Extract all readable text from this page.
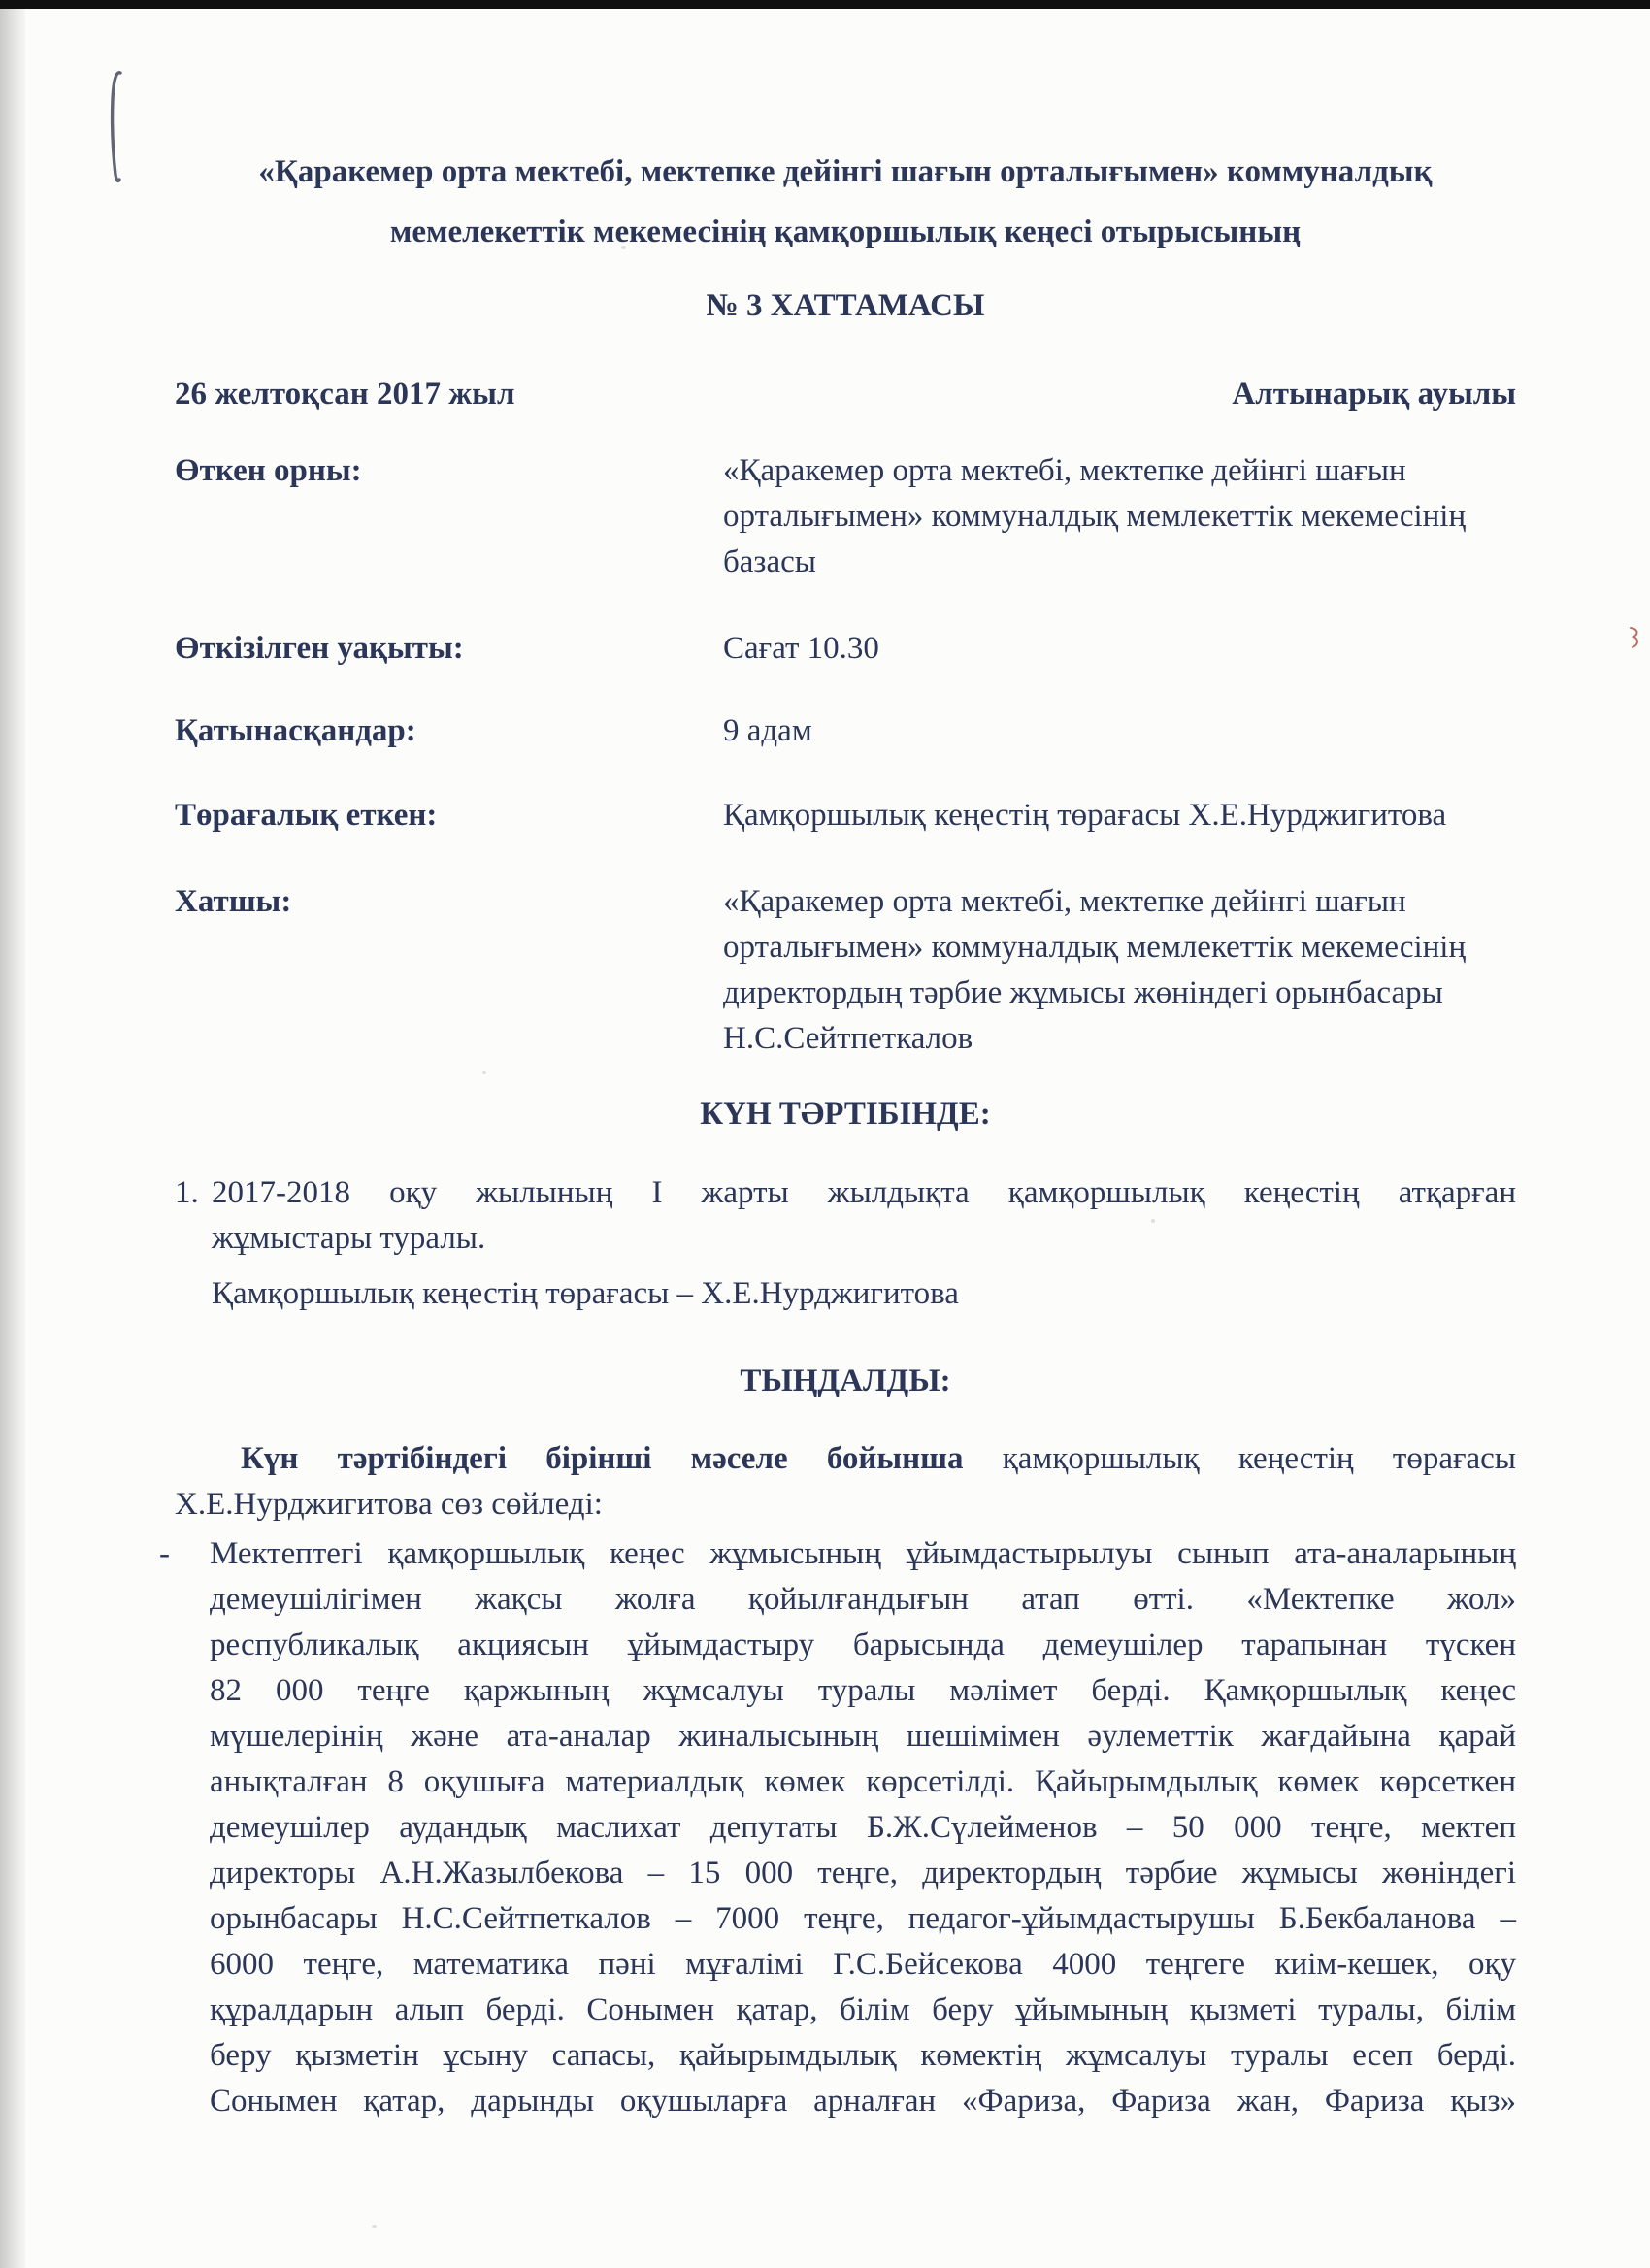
«Қаракемер орта мектебі, мектепке дейінгі шағын орталығымен» коммуналдық
мемелекеттік мекемесінің қамқоршылық кеңесі отырысының
№ 3 ХАТТАМАСЫ
26 желтоқсан 2017 жыл	Алтынарық ауылы
Өткен орны:	«Қаракемер орта мектебі, мектепке дейінгі шағын орталығымен» коммуналдық мемлекеттік мекемесінің базасы
Өткізілген уақыты:	Сағат 10.30
Қатынасқандар:	9 адам
Төрағалық еткен:	Қамқоршылық кеңестің төрағасы Х.Е.Нурджигитова
Хатшы:	«Қаракемер орта мектебі, мектепке дейінгі шағын орталығымен» коммуналдық мемлекеттік мекемесінің директордың тәрбие жұмысы жөніндегі орынбасары Н.С.Сейтпеткалов
КҮН ТӘРТІБІНДЕ:
1. 2017-2018 оқу жылының I жарты жылдықта қамқоршылық кеңестің атқарған
жұмыстары туралы.
Қамқоршылық кеңестің төрағасы – Х.Е.Нурджигитова
ТЫҢДАЛДЫ:
Күн тәртібіндегі бірінші мәселе бойынша қамқоршылық кеңестің төрағасы
Х.Е.Нурджигитова сөз сөйледі:
-	Мектептегі қамқоршылық кеңес жұмысының ұйымдастырылуы сынып ата-аналарының
демеушілігімен жақсы жолға қойылғандығын атап өтті. «Мектепке жол»
республикалық акциясын ұйымдастыру барысында демеушілер тарапынан түскен
82 000 теңге қаржының жұмсалуы туралы мәлімет берді. Қамқоршылық кеңес
мүшелерінің және ата-аналар жиналысының шешімімен әулеметтік жағдайына қарай
анықталған 8 оқушыға материалдық көмек көрсетілді. Қайырымдылық көмек көрсеткен
демеушілер аудандық маслихат депутаты Б.Ж.Сүлейменов – 50 000 теңге, мектеп
директоры А.Н.Жазылбекова – 15 000 теңге, директордың тәрбие жұмысы жөніндегі
орынбасары Н.С.Сейтпеткалов – 7000 теңге, педагог-ұйымдастырушы Б.Бекбаланова –
6000 теңге, математика пәні мұғалімі Г.С.Бейсекова 4000 теңгеге киім-кешек, оқу
құралдарын алып берді. Сонымен қатар, білім беру ұйымының қызметі туралы, білім
беру қызметін ұсыну сапасы, қайырымдылық көмектің жұмсалуы туралы есеп берді.
Сонымен қатар, дарынды оқушыларға арналған «Фариза, Фариза жан, Фариза қыз»
